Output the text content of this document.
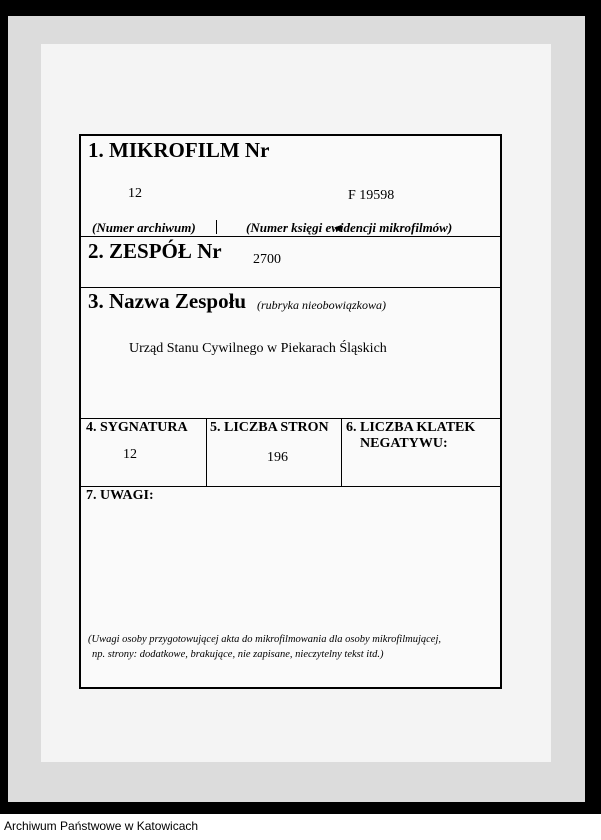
1. MIKROFILM Nr
12	F 19598
(Numer archiwum)	(Numer księgi ewidencji mikrofilmów)
2. ZESPÓŁ Nr 2700
3. Nazwa Zespołu (rubryka nieobowiązkowa)
Urząd Stanu Cywilnego w Piekarach Śląskich
4. SYGNATURA
12
5. LICZBA STRON
196
6. LICZBA KLATEK
NEGATYWU:
7. UWAGI:
(Uwagi osoby przygotowującej akta do mikrofilmowania dla osoby mikrofilmującej,
np. strony: dodatkowe, brakujące, nie zapisane, nieczytelny tekst itd.)
Archiwum Państwowe w Katowicach
